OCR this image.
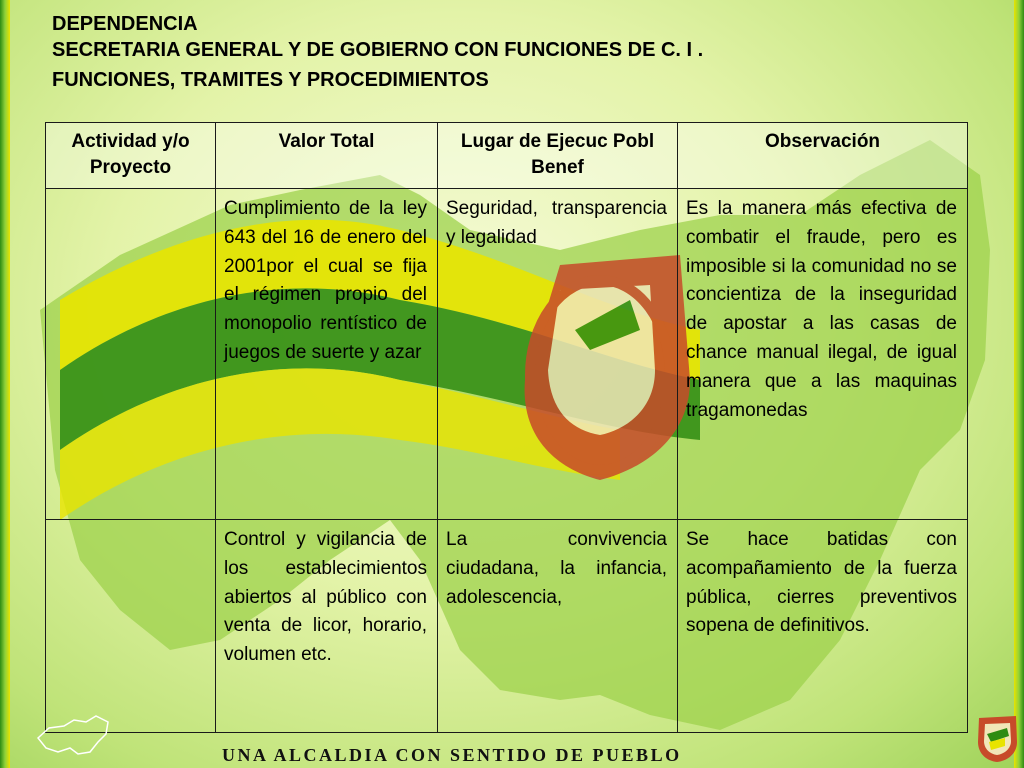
DEPENDENCIA
SECRETARIA GENERAL Y DE GOBIERNO CON FUNCIONES DE C. I .
FUNCIONES, TRAMITES Y PROCEDIMIENTOS
Actividad y/o Proyecto	Valor Total	Lugar de Ejecuc Pobl Benef	Observación
	Cumplimiento de la ley 643 del 16 de enero del 2001por el cual se fija el régimen propio del monopolio rentístico de juegos de suerte y azar	Seguridad, transparencia y legalidad	Es la manera más efectiva de combatir el fraude, pero es imposible si la comunidad no se concientiza de la inseguridad de apostar a las casas de chance manual ilegal, de igual manera que a las maquinas tragamonedas
	Control y vigilancia de los establecimientos abiertos al público con venta de licor, horario, volumen etc.	La convivencia ciudadana, la infancia, adolescencia,	Se hace batidas con acompañamiento de la fuerza pública, cierres preventivos sopena de definitivos.
UNA ALCALDIA CON SENTIDO DE PUEBLO
